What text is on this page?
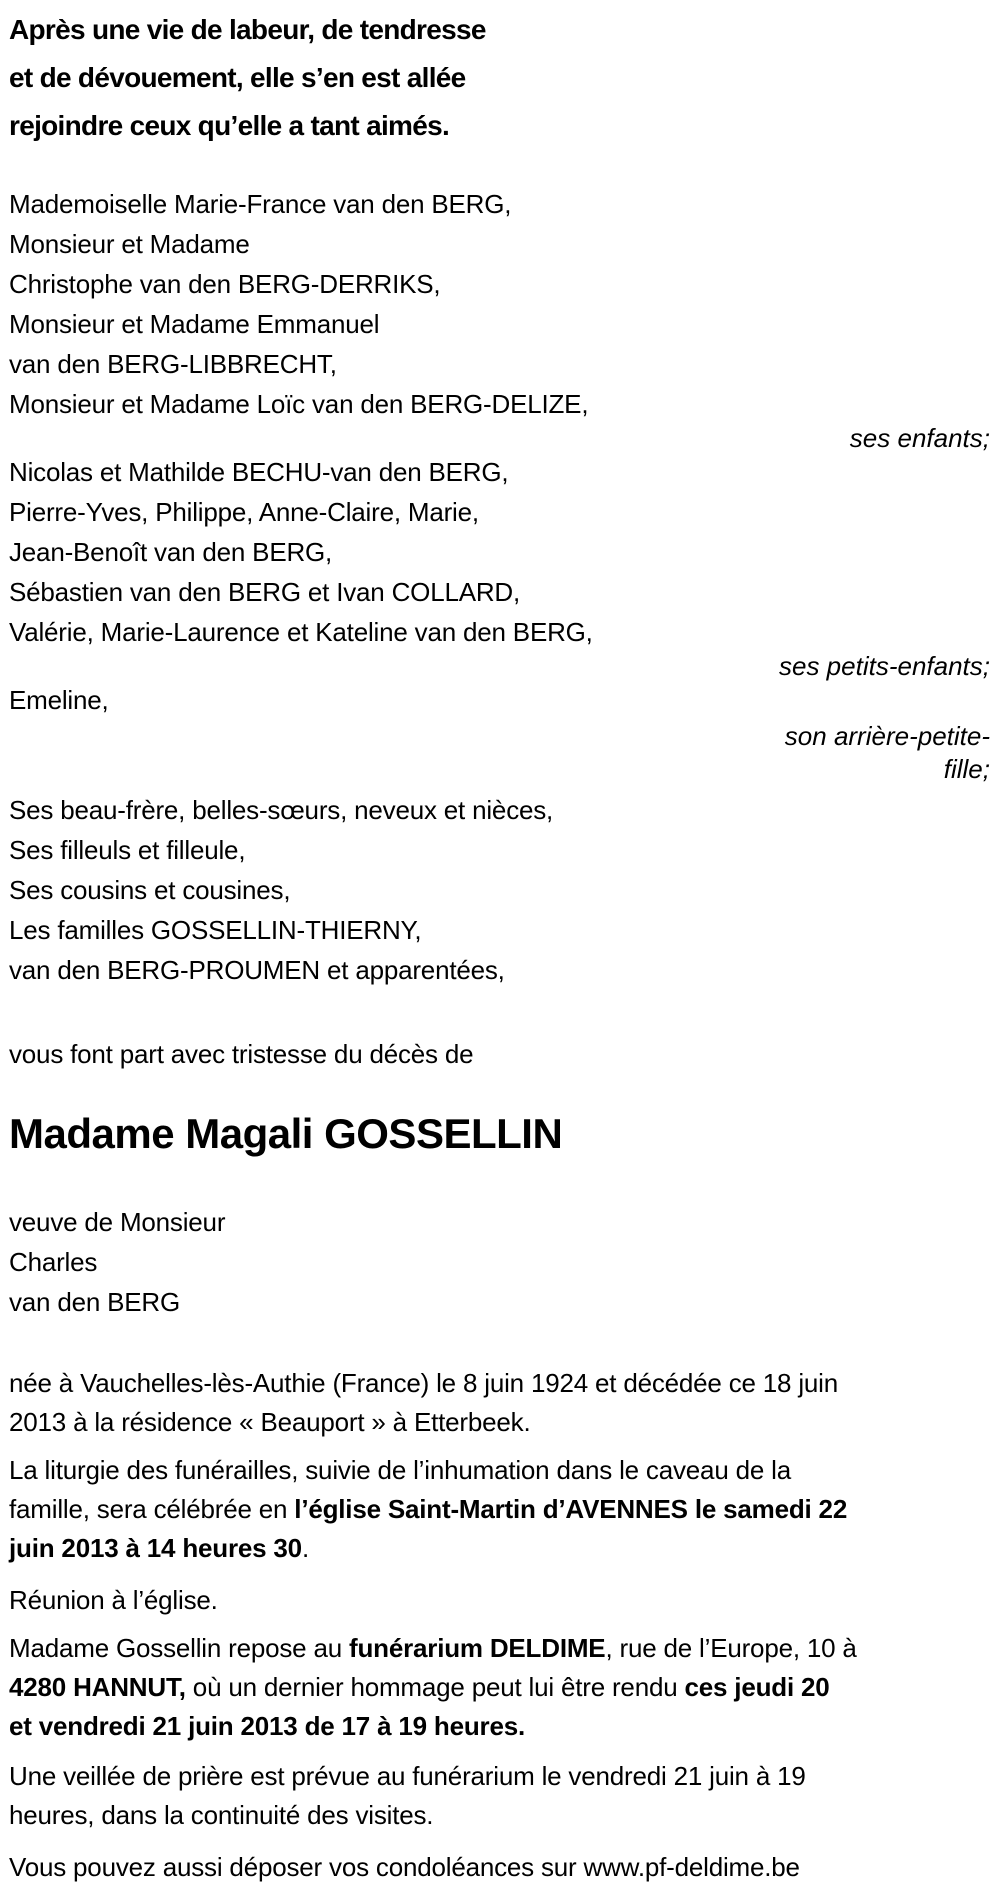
Après une vie de labeur, de tendresse

et de dévouement, elle s’en est allée

rejoindre ceux qu’elle a tant aimés.

Mademoiselle Marie-France van den BERG,

Monsieur et Madame

Christophe van den BERG-DERRIKS,

Monsieur et Madame Emmanuel

van den BERG-LIBBRECHT,

Monsieur et Madame Loïc van den BERG-DELIZE,

ses enfants;

Nicolas et Mathilde BECHU-van den BERG,

Pierre-Yves, Philippe, Anne-Claire, Marie,

Jean-Benoît van den BERG,

Sébastien van den BERG et Ivan COLLARD,

Valérie, Marie-Laurence et Kateline van den BERG,

ses petits-enfants;

Emeline,

son arrière-petite-

fille;

Ses beau-frère, belles-sœurs, neveux et nièces,

Ses filleuls et filleule,

Ses cousins et cousines,

Les familles GOSSELLIN-THIERNY,

van den BERG-PROUMEN et apparentées,

vous font part avec tristesse du décès de

Madame Magali GOSSELLIN

veuve de Monsieur

Charles

van den BERG

née à Vauchelles-lès-Authie (France) le 8 juin 1924 et décédée ce 18 juin
2013 à la résidence « Beauport » à Etterbeek.

La liturgie des funérailles, suivie de l’inhumation dans le caveau de la
famille, sera célébrée en l’église Saint-Martin d’AVENNES le samedi 22
juin 2013 à 14 heures 30.

Réunion à l’église.

Madame Gossellin repose au funérarium DELDIME, rue de l’Europe, 10 à
4280 HANNUT, où un dernier hommage peut lui être rendu ces jeudi 20
et vendredi 21 juin 2013 de 17 à 19 heures.

Une veillée de prière est prévue au funérarium le vendredi 21 juin à 19
heures, dans la continuité des visites.

Vous pouvez aussi déposer vos condoléances sur www.pf-deldime.be
